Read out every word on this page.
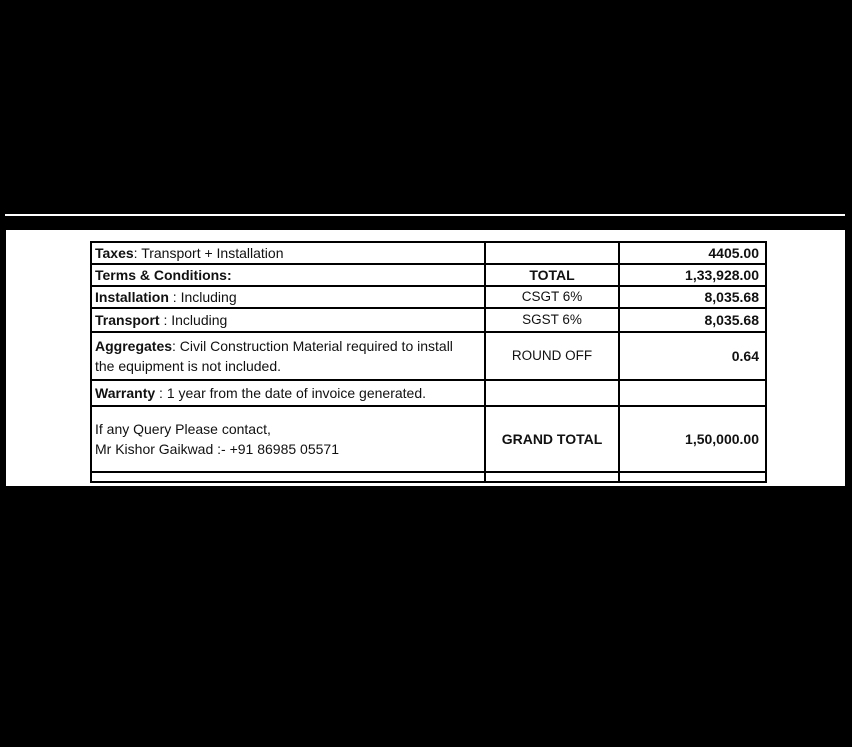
Taxes: Transport + Installation		4405.00
Terms & Conditions:	TOTAL	1,33,928.00
Installation : Including	CSGT 6%	8,035.68
Transport : Including	SGST 6%	8,035.68
Aggregates: Civil Construction Material required to install
the equipment is not included.	ROUND OFF	0.64
Warranty : 1 year from the date of invoice generated.		
If any Query Please contact,
Mr Kishor Gaikwad :- +91 86985 05571	GRAND TOTAL	1,50,000.00
